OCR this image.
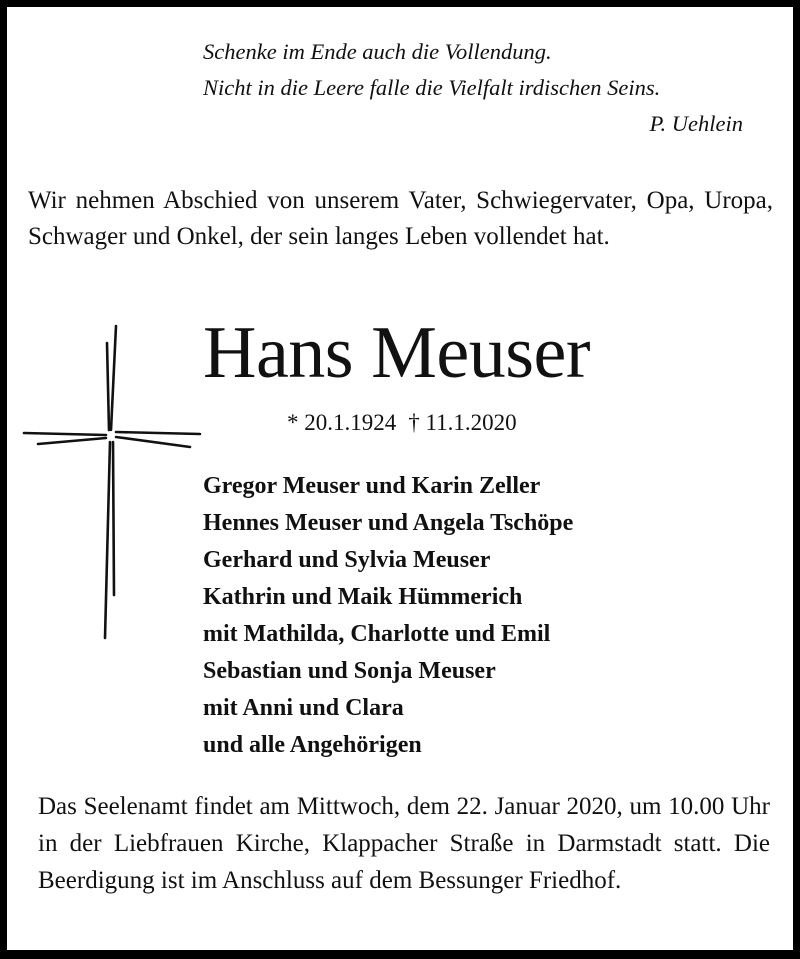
Schenke im Ende auch die Vollendung.
Nicht in die Leere falle die Vielfalt irdischen Seins.
P. Uehlein
Wir nehmen Abschied von unserem Vater, Schwiegervater, Opa, Uropa, Schwager und Onkel, der sein langes Leben vollendet hat.
Hans Meuser
* 20.1.1924 † 11.1.2020
Gregor Meuser und Karin Zeller
Hennes Meuser und Angela Tschöpe
Gerhard und Sylvia Meuser
Kathrin und Maik Hümmerich
mit Mathilda, Charlotte und Emil
Sebastian und Sonja Meuser
mit Anni und Clara
und alle Angehörigen
Das Seelenamt findet am Mittwoch, dem 22. Januar 2020, um 10.00 Uhr in der Liebfrauen Kirche, Klappacher Straße in Darmstadt statt. Die Beerdigung ist im Anschluss auf dem Bessunger Friedhof.
